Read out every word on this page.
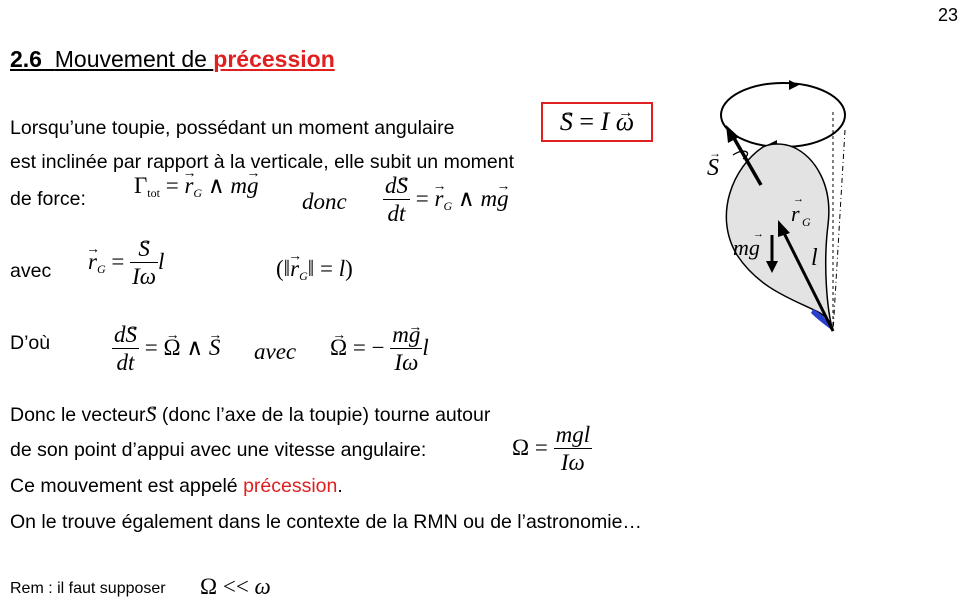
23
2.6 Mouvement de précession
Lorsqu’une toupie, possédant un moment angulaire
est inclinée par rapport à la verticale, elle subit un moment
de force:
→ S = I → ω
$\Gamma_{tot}$ = → $r_G$ ∧ m→ g
donc $\frac{d\to S}{dt}$ = → $r_G$ ∧ m→ g
avec → $r_G$ = → $\frac{S}{I\omega}$ l	(‖→ $r_G‖ = l$)
D’où	$\frac{d\to S}{dt}$ = → Ω ∧ → S avec → Ω = − $\frac{m\to g}{I\omega}$ l
Donc le vecteur→ S (donc l’axe de la toupie) tourne autour
de son point d’appui avec une vitesse angulaire:	$\Omega = \frac{\text{mgl}}{I\omega}$
Ce mouvement est appelé précession.
On le trouve également dans le contexte de la RMN ou de l’astronomie…
Rem : il faut supposer Ω << ω
S
→
r
→
G
mg
→
l
